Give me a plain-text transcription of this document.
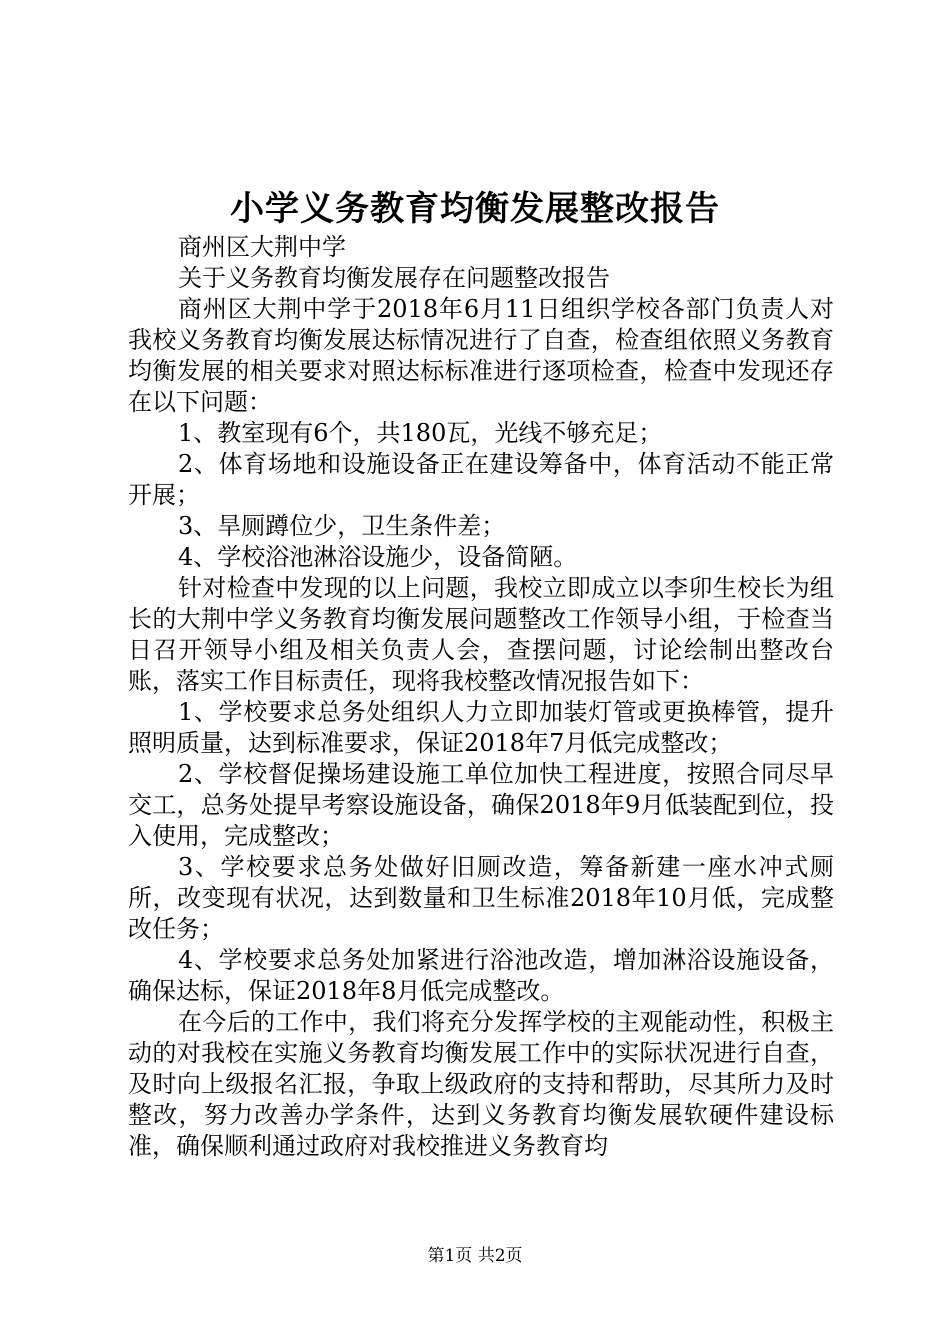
小学义务教育均衡发展整改报告

商州区大荆中学

关于义务教育均衡发展存在问题整改报告

商州区大荆中学于2018年6月11日组织学校各部门负责人对我校义务教育均衡发展达标情况进行了自查，检查组依照义务教育均衡发展的相关要求对照达标标准进行逐项检查，检查中发现还存在以下问题：

1、教室现有6个，共180瓦，光线不够充足；

2、体育场地和设施设备正在建设筹备中，体育活动不能正常开展；

3、旱厕蹲位少，卫生条件差；

4、学校浴池淋浴设施少，设备简陋。

针对检查中发现的以上问题，我校立即成立以李卯生校长为组长的大荆中学义务教育均衡发展问题整改工作领导小组，于检查当日召开领导小组及相关负责人会，查摆问题，讨论绘制出整改台账，落实工作目标责任，现将我校整改情况报告如下：

1、学校要求总务处组织人力立即加装灯管或更换棒管，提升照明质量，达到标准要求，保证2018年7月低完成整改；

2、学校督促操场建设施工单位加快工程进度，按照合同尽早交工，总务处提早考察设施设备，确保2018年9月低装配到位，投入使用，完成整改；

3、学校要求总务处做好旧厕改造，筹备新建一座水冲式厕所，改变现有状况，达到数量和卫生标准2018年10月低，完成整改任务；

4、学校要求总务处加紧进行浴池改造，增加淋浴设施设备，确保达标，保证2018年8月低完成整改。

在今后的工作中，我们将充分发挥学校的主观能动性，积极主动的对我校在实施义务教育均衡发展工作中的实际状况进行自查，及时向上级报名汇报，争取上级政府的支持和帮助，尽其所力及时整改，努力改善办学条件，达到义务教育均衡发展软硬件建设标准，确保顺利通过政府对我校推进义务教育均

第1页 共2页
